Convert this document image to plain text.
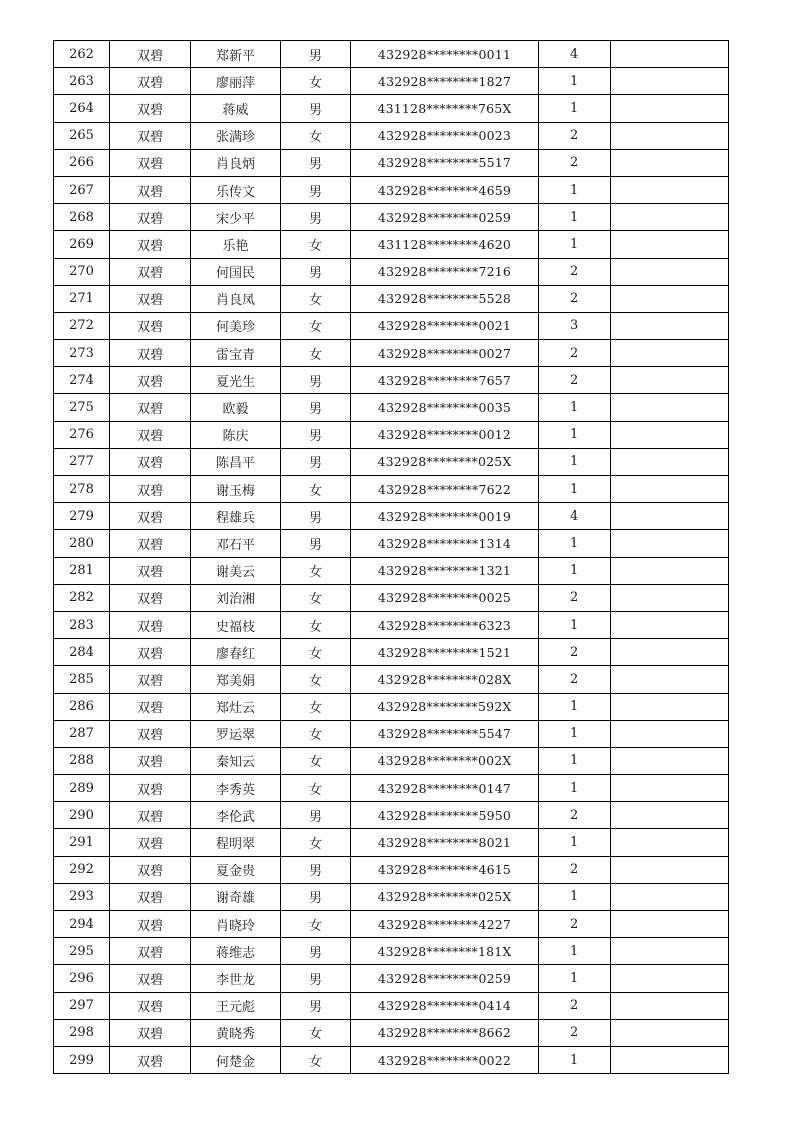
262	双碧	郑新平	男	432928********0011	4	
263	双碧	廖丽萍	女	432928********1827	1	
264	双碧	蒋威	男	431128********765X	1	
265	双碧	张满珍	女	432928********0023	2	
266	双碧	肖良炳	男	432928********5517	2	
267	双碧	乐传文	男	432928********4659	1	
268	双碧	宋少平	男	432928********0259	1	
269	双碧	乐艳	女	431128********4620	1	
270	双碧	何国民	男	432928********7216	2	
271	双碧	肖良凤	女	432928********5528	2	
272	双碧	何美珍	女	432928********0021	3	
273	双碧	雷宝青	女	432928********0027	2	
274	双碧	夏光生	男	432928********7657	2	
275	双碧	欧毅	男	432928********0035	1	
276	双碧	陈庆	男	432928********0012	1	
277	双碧	陈昌平	男	432928********025X	1	
278	双碧	谢玉梅	女	432928********7622	1	
279	双碧	程雄兵	男	432928********0019	4	
280	双碧	邓石平	男	432928********1314	1	
281	双碧	谢美云	女	432928********1321	1	
282	双碧	刘治湘	女	432928********0025	2	
283	双碧	史福枝	女	432928********6323	1	
284	双碧	廖春红	女	432928********1521	2	
285	双碧	郑美娟	女	432928********028X	2	
286	双碧	郑灶云	女	432928********592X	1	
287	双碧	罗运翠	女	432928********5547	1	
288	双碧	秦知云	女	432928********002X	1	
289	双碧	李秀英	女	432928********0147	1	
290	双碧	李伦武	男	432928********5950	2	
291	双碧	程明翠	女	432928********8021	1	
292	双碧	夏金贵	男	432928********4615	2	
293	双碧	谢奇雄	男	432928********025X	1	
294	双碧	肖晓玲	女	432928********4227	2	
295	双碧	蒋维志	男	432928********181X	1	
296	双碧	李世龙	男	432928********0259	1	
297	双碧	王元彪	男	432928********0414	2	
298	双碧	黄晓秀	女	432928********8662	2	
299	双碧	何楚金	女	432928********0022	1	
